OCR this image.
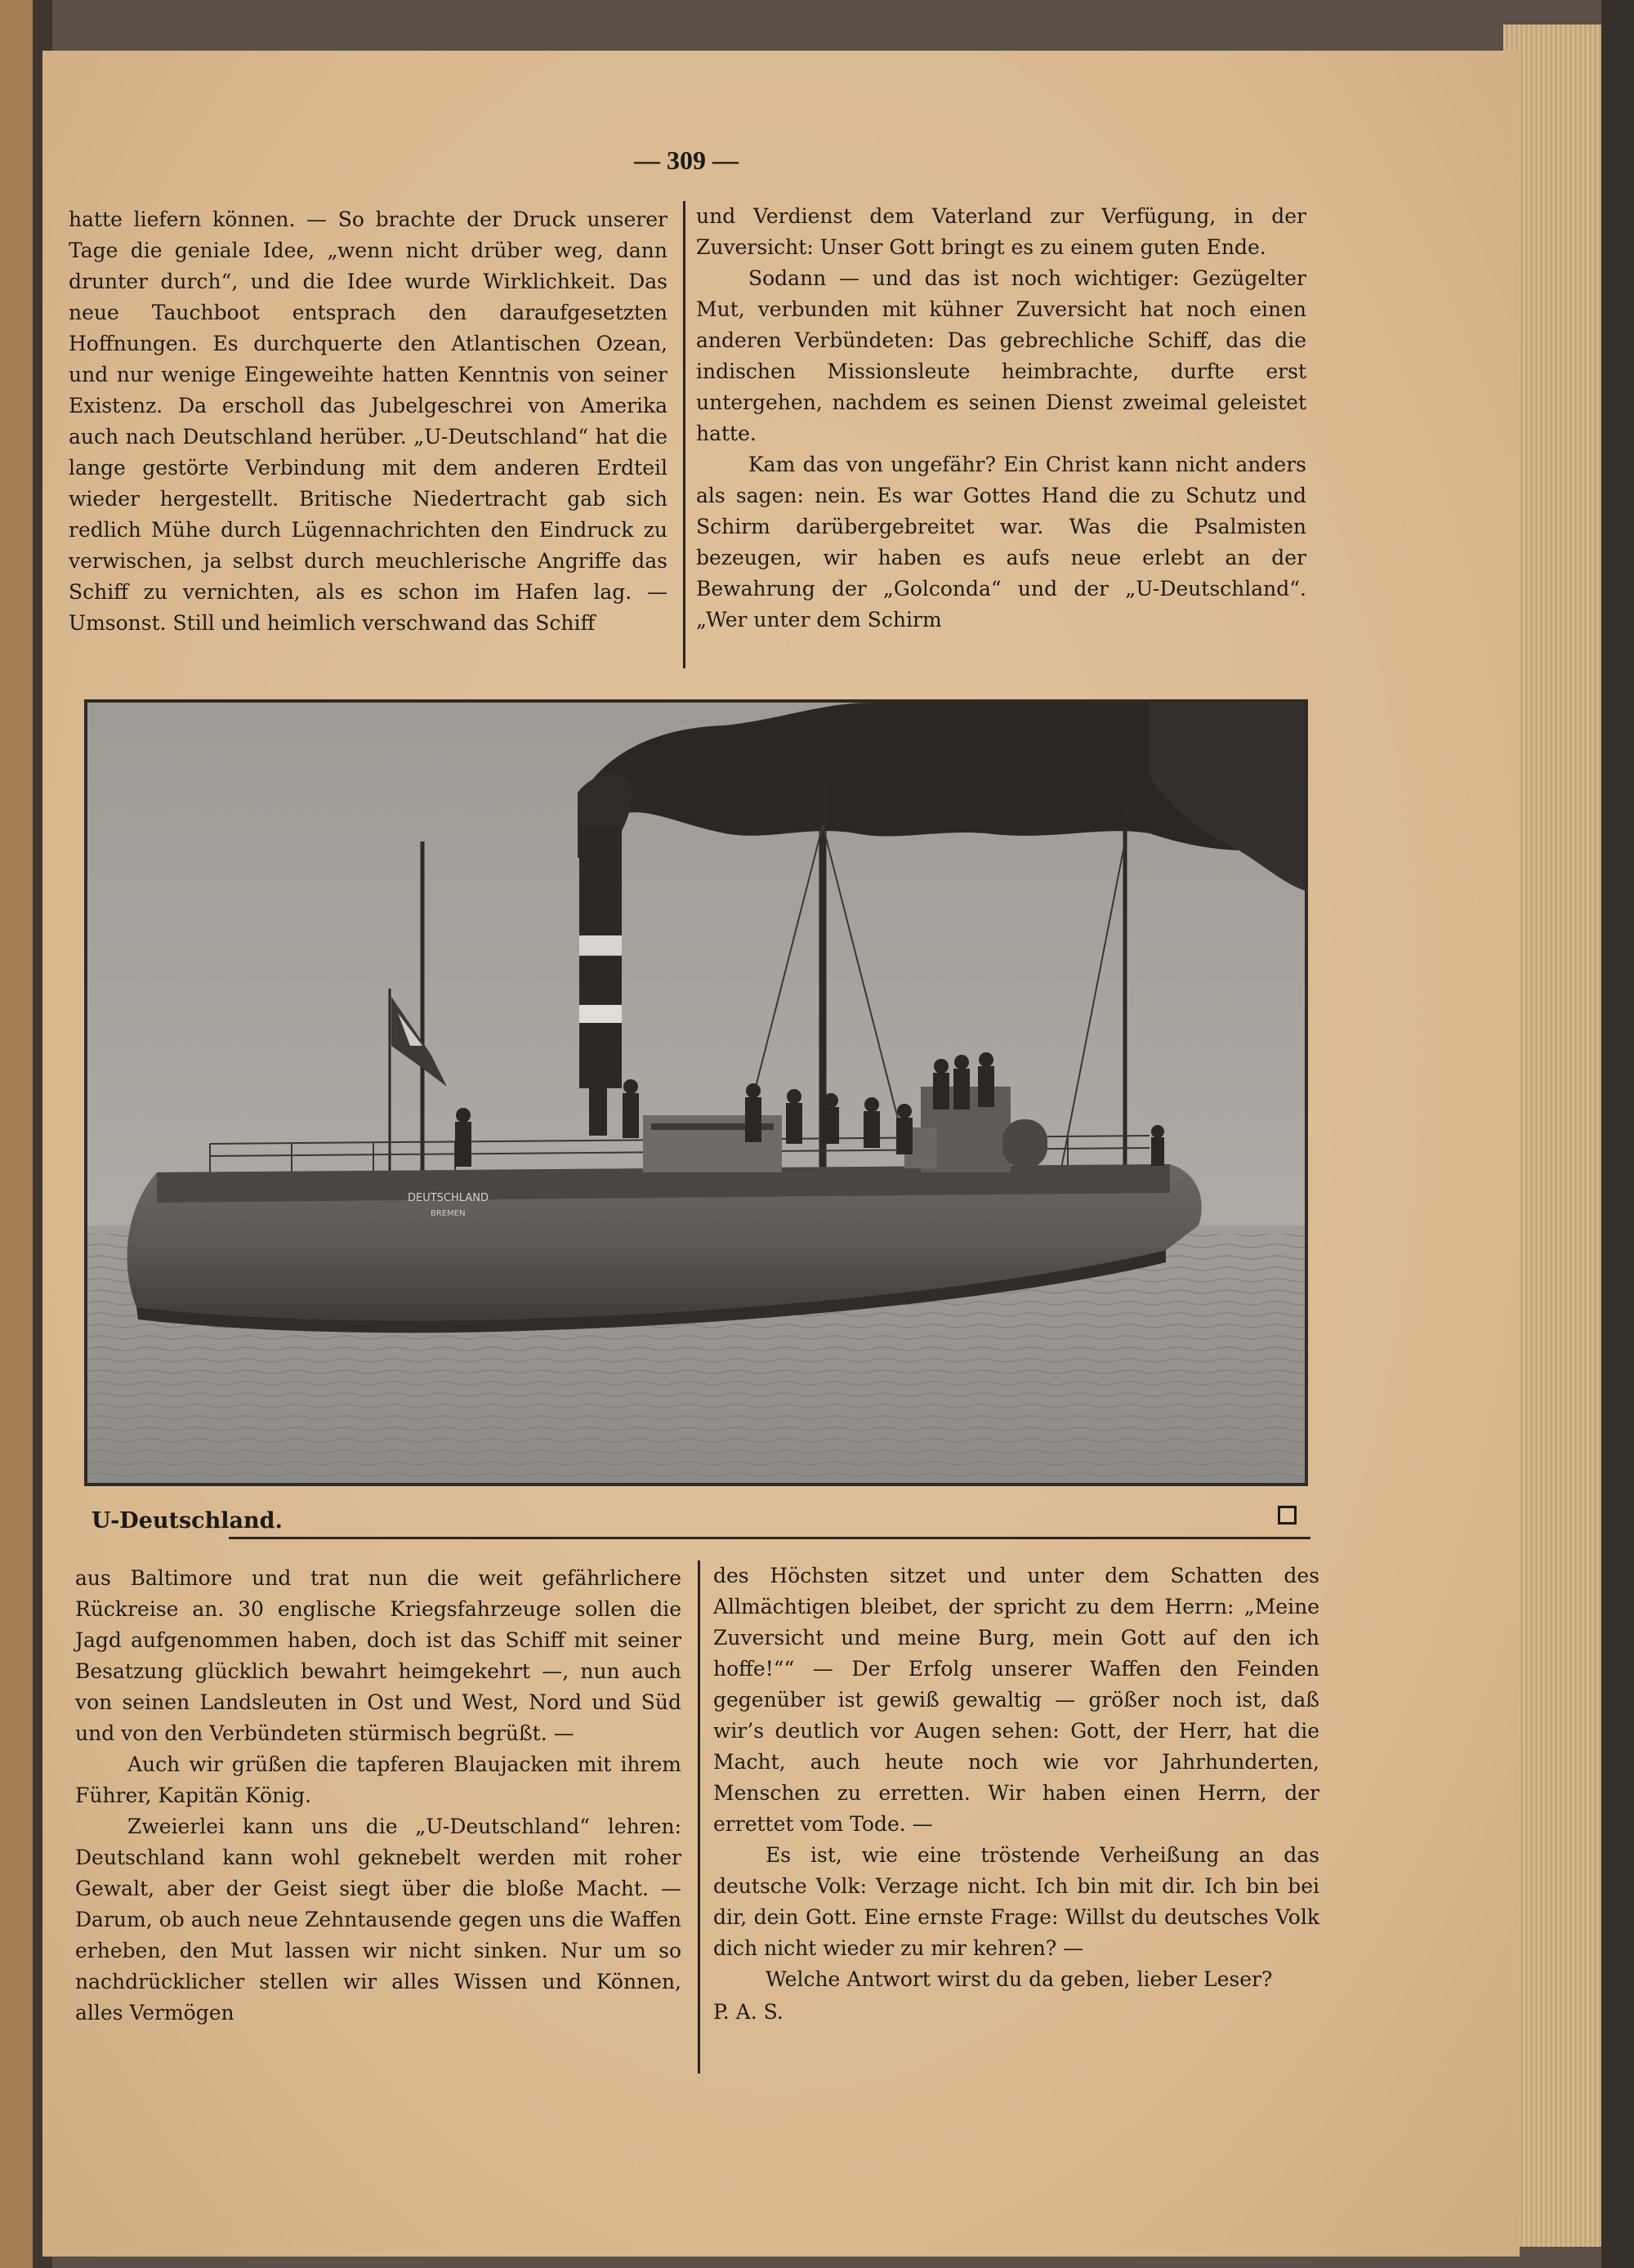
— 309 —

hatte liefern können. — So brachte der Druck unserer Tage die geniale Idee, „wenn nicht drüber weg, dann drunter durch“, und die Idee wurde Wirklichkeit. Das neue Tauchboot entsprach den daraufgesetzten Hoffnungen. Es durchquerte den Atlantischen Ozean, und nur wenige Eingeweihte hatten Kenntnis von seiner Existenz. Da erscholl das Jubelgeschrei von Amerika auch nach Deutschland herüber. „U-Deutschland“ hat die lange gestörte Verbindung mit dem anderen Erdteil wieder hergestellt. Britische Niedertracht gab sich redlich Mühe durch Lügennachrichten den Eindruck zu verwischen, ja selbst durch meuchlerische Angriffe das Schiff zu vernichten, als es schon im Hafen lag. — Umsonst. Still und heimlich verschwand das Schiff

und Verdienst dem Vaterland zur Verfügung, in der Zuversicht: Unser Gott bringt es zu einem guten Ende.

Sodann — und das ist noch wichtiger: Gezügelter Mut, verbunden mit kühner Zuversicht hat noch einen anderen Verbündeten: Das gebrechliche Schiff, das die indischen Missionsleute heimbrachte, durfte erst untergehen, nachdem es seinen Dienst zweimal geleistet hatte.

Kam das von ungefähr? Ein Christ kann nicht anders als sagen: nein. Es war Gottes Hand die zu Schutz und Schirm darübergebreitet war. Was die Psalmisten bezeugen, wir haben es aufs neue erlebt an der Bewahrung der „Golconda“ und der „U-Deutschland“. „Wer unter dem Schirm

DEUTSCHLAND
BREMEN
U-Deutschland.

aus Baltimore und trat nun die weit gefährlichere Rückreise an. 30 englische Kriegsfahrzeuge sollen die Jagd aufgenommen haben, doch ist das Schiff mit seiner Besatzung glücklich bewahrt heimgekehrt —, nun auch von seinen Landsleuten in Ost und West, Nord und Süd und von den Verbündeten stürmisch begrüßt. —

Auch wir grüßen die tapferen Blaujacken mit ihrem Führer, Kapitän König.

Zweierlei kann uns die „U-Deutschland“ lehren: Deutschland kann wohl geknebelt werden mit roher Gewalt, aber der Geist siegt über die bloße Macht. — Darum, ob auch neue Zehntausende gegen uns die Waffen erheben, den Mut lassen wir nicht sinken. Nur um so nachdrücklicher stellen wir alles Wissen und Können, alles Vermögen

des Höchsten sitzet und unter dem Schatten des Allmächtigen bleibet, der spricht zu dem Herrn: „Meine Zuversicht und meine Burg, mein Gott auf den ich hoffe!““ — Der Erfolg unserer Waffen den Feinden gegenüber ist gewiß gewaltig — größer noch ist, daß wir’s deutlich vor Augen sehen: Gott, der Herr, hat die Macht, auch heute noch wie vor Jahrhunderten, Menschen zu erretten. Wir haben einen Herrn, der errettet vom Tode. —

Es ist, wie eine tröstende Verheißung an das deutsche Volk: Verzage nicht. Ich bin mit dir. Ich bin bei dir, dein Gott. Eine ernste Frage: Willst du deutsches Volk dich nicht wieder zu mir kehren? —

Welche Antwort wirst du da geben, lieber Leser?

P. A. S.
